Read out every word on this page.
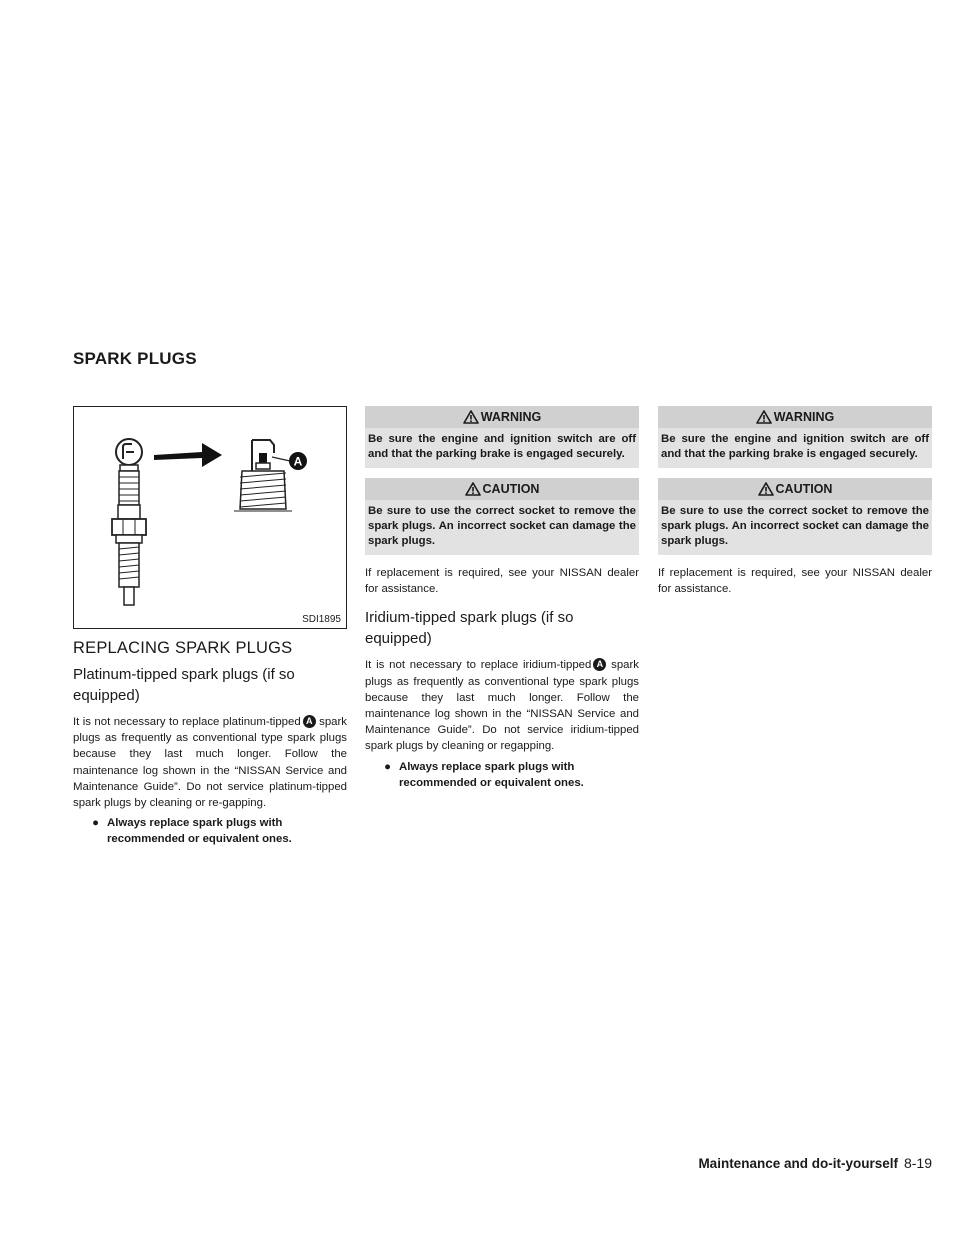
SPARK PLUGS
A
SDI1895
REPLACING SPARK PLUGS
Platinum-tipped spark plugs (if so equipped)

It is not necessary to replace platinum-tipped A spark plugs as frequently as conventional type spark plugs because they last much longer. Follow the maintenance log shown in the “NISSAN Service and Maintenance Guide”. Do not service platinum-tipped spark plugs by cleaning or re-gapping.

● Always replace spark plugs with recommended or equivalent ones.
WARNING
Be sure the engine and ignition switch are off and that the parking brake is engaged securely.
CAUTION
Be sure to use the correct socket to remove the spark plugs. An incorrect socket can damage the spark plugs.

If replacement is required, see your NISSAN dealer for assistance.

Iridium-tipped spark plugs (if so equipped)

It is not necessary to replace iridium-tipped A spark plugs as frequently as conventional type spark plugs because they last much longer. Follow the maintenance log shown in the “NISSAN Service and Maintenance Guide”. Do not service iridium-tipped spark plugs by cleaning or regapping.

● Always replace spark plugs with recommended or equivalent ones.
WARNING
Be sure the engine and ignition switch are off and that the parking brake is engaged securely.
CAUTION
Be sure to use the correct socket to remove the spark plugs. An incorrect socket can damage the spark plugs.

If replacement is required, see your NISSAN dealer for assistance.

Maintenance and do-it-yourself 8-19
